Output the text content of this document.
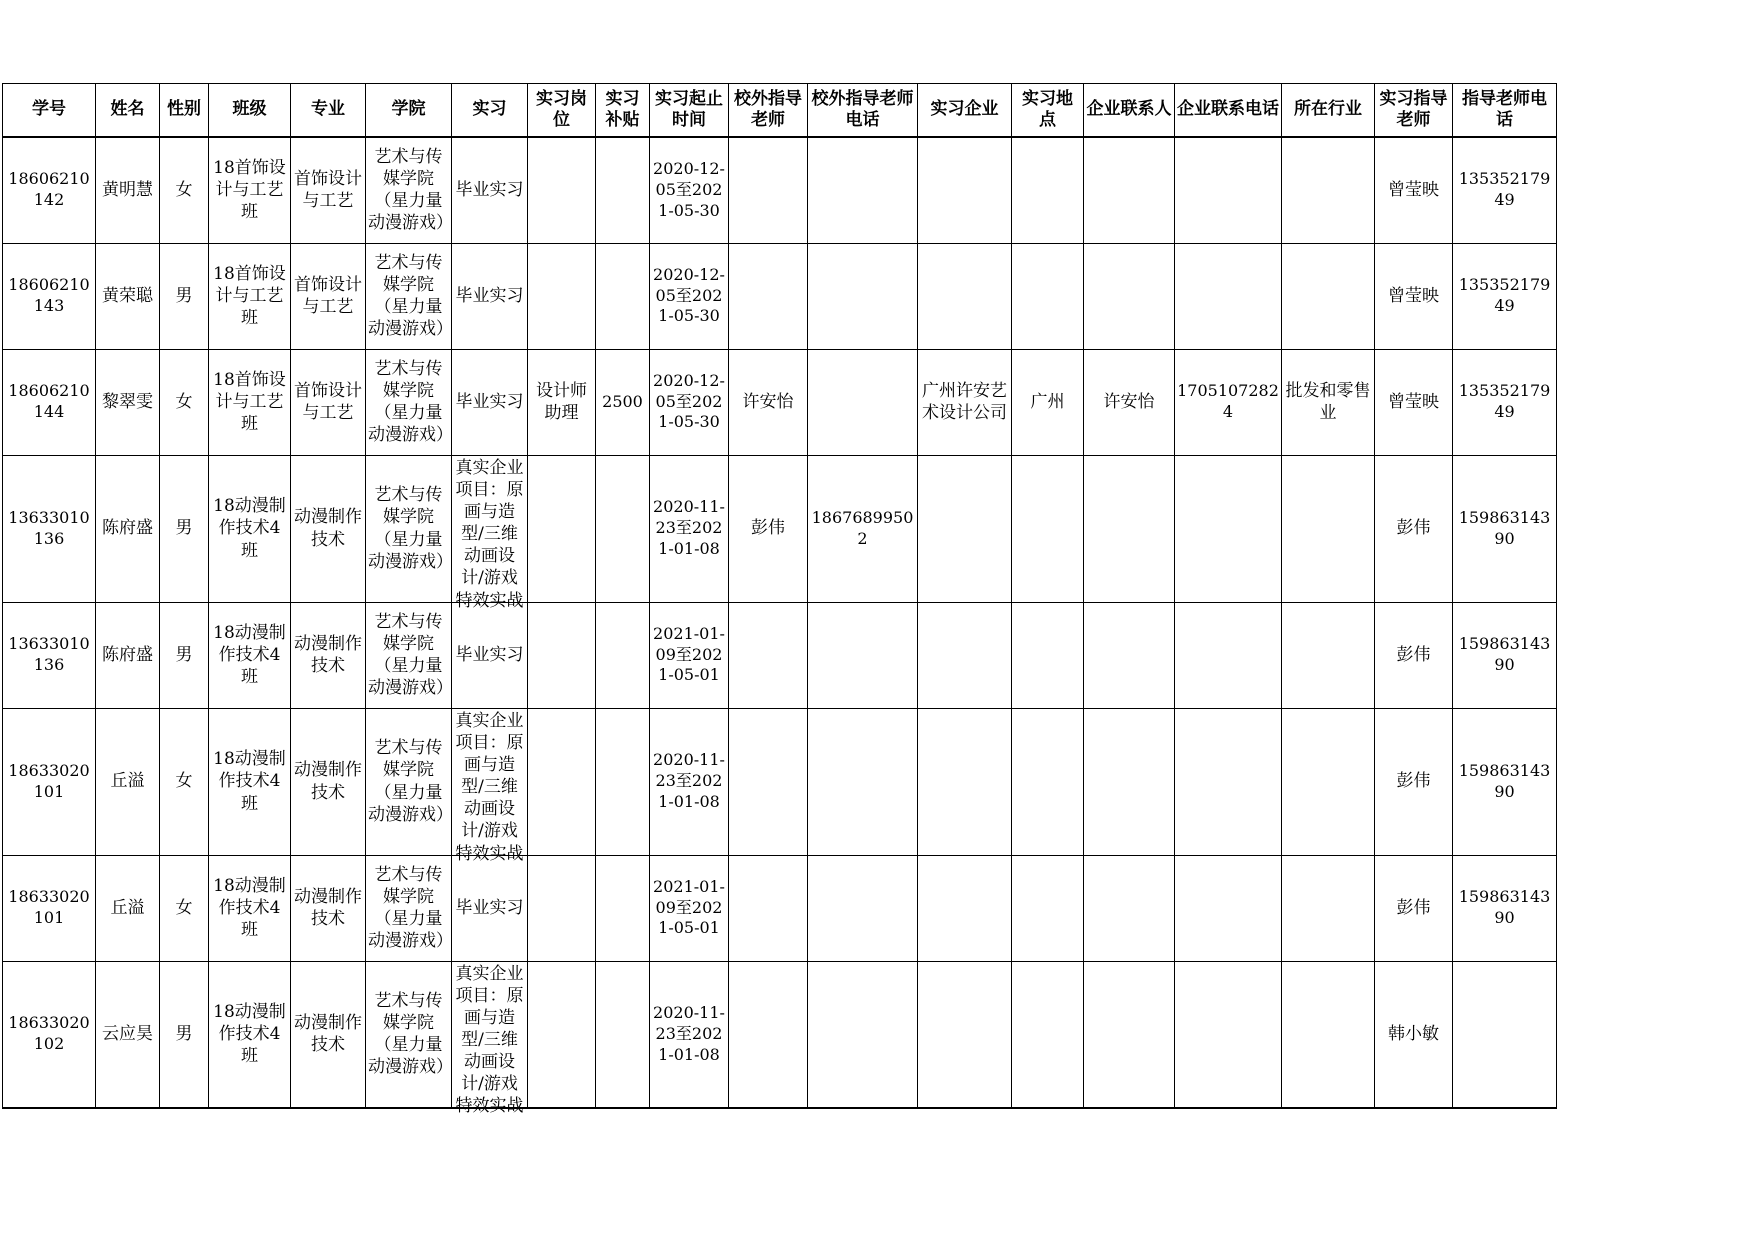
学号	姓名	性别	班级	专业	学院	实习	实习岗位	实习补贴	实习起止时间	校外指导老师	校外指导老师电话	实习企业	实习地点	企业联系人	企业联系电话	所在行业	实习指导老师	指导老师电话

18606210142	黄明慧	女	18首饰设计与工艺班	首饰设计与工艺	艺术与传媒学院（星力量动漫游戏）	毕业实习			2020-12-05至2021-05-30								曾莹映	13535217949

18606210143	黄荣聪	男	18首饰设计与工艺班	首饰设计与工艺	艺术与传媒学院（星力量动漫游戏）	毕业实习			2020-12-05至2021-05-30								曾莹映	13535217949

18606210144	黎翠雯	女	18首饰设计与工艺班	首饰设计与工艺	艺术与传媒学院（星力量动漫游戏）	毕业实习	设计师助理	2500	2020-12-05至2021-05-30	许安怡		广州许安艺术设计公司	广州	许安怡	17051072824	批发和零售业	曾莹映	13535217949

13633010136	陈府盛	男	18动漫制作技术4班	动漫制作技术	艺术与传媒学院（星力量动漫游戏）	真实企业项目：原画与造型/三维动画设计/游戏特效实战			2020-11-23至2021-01-08	彭伟	18676899502						彭伟	15986314390

13633010136	陈府盛	男	18动漫制作技术4班	动漫制作技术	艺术与传媒学院（星力量动漫游戏）	毕业实习			2021-01-09至2021-05-01								彭伟	15986314390

18633020101	丘溢	女	18动漫制作技术4班	动漫制作技术	艺术与传媒学院（星力量动漫游戏）	真实企业项目：原画与造型/三维动画设计/游戏特效实战			2020-11-23至2021-01-08								彭伟	15986314390

18633020101	丘溢	女	18动漫制作技术4班	动漫制作技术	艺术与传媒学院（星力量动漫游戏）	毕业实习			2021-01-09至2021-05-01								彭伟	15986314390

18633020102	云应昊	男	18动漫制作技术4班	动漫制作技术	艺术与传媒学院（星力量动漫游戏）	真实企业项目：原画与造型/三维动画设计/游戏特效实战			2020-11-23至2021-01-08								韩小敏	
